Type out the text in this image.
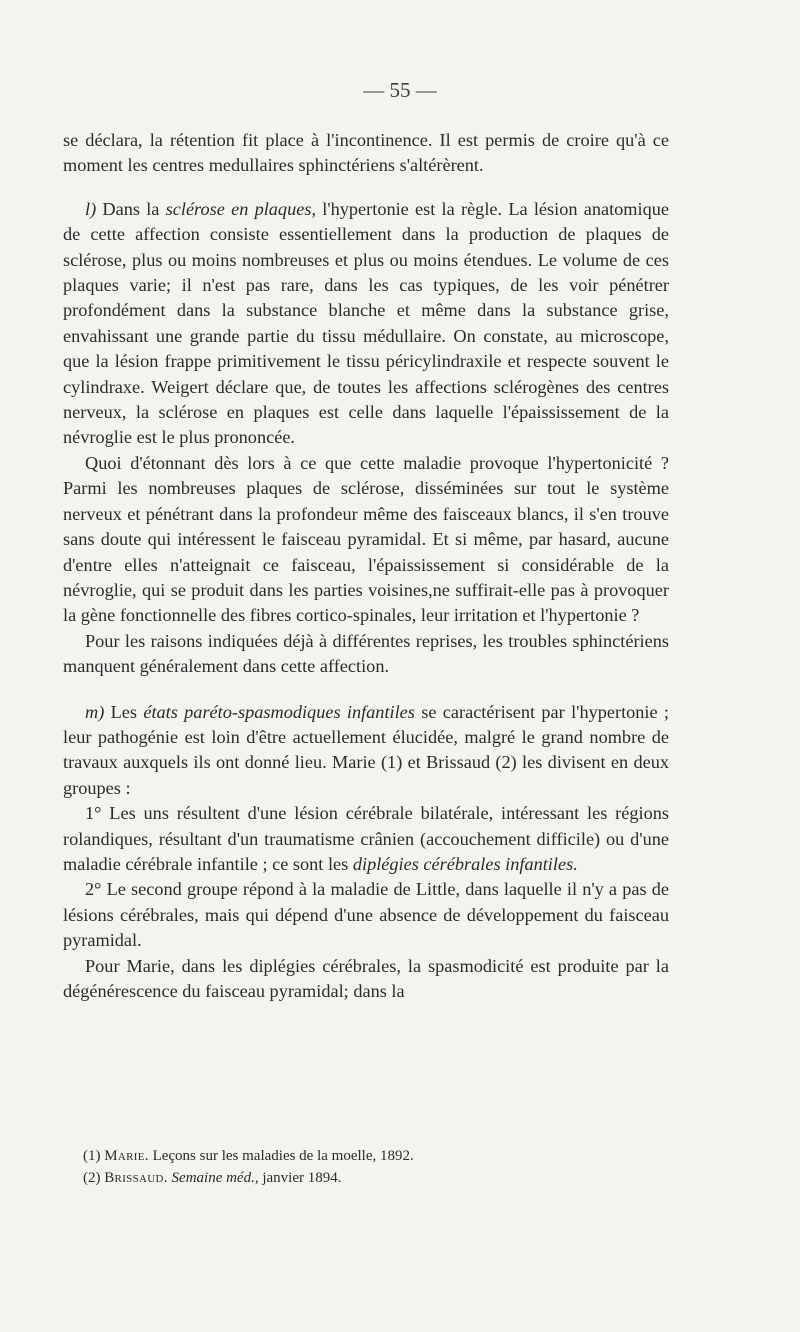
— 55 —

se déclara, la rétention fit place à l'incontinence. Il est permis de croire qu'à ce moment les centres medullaires sphinctériens s'altérèrent.

l) Dans la sclérose en plaques, l'hypertonie est la règle. La lésion anatomique de cette affection consiste essentiellement dans la production de plaques de sclérose, plus ou moins nombreuses et plus ou moins étendues. Le volume de ces plaques varie; il n'est pas rare, dans les cas typiques, de les voir pénétrer profondément dans la substance blanche et même dans la substance grise, envahissant une grande partie du tissu médullaire. On constate, au microscope, que la lésion frappe primitivement le tissu péricylindraxile et respecte souvent le cylindraxe. Weigert déclare que, de toutes les affections sclérogènes des centres nerveux, la sclérose en plaques est celle dans laquelle l'épaississement de la névroglie est le plus prononcée.

Quoi d'étonnant dès lors à ce que cette maladie provoque l'hypertonicité ? Parmi les nombreuses plaques de sclérose, disséminées sur tout le système nerveux et pénétrant dans la profondeur même des faisceaux blancs, il s'en trouve sans doute qui intéressent le faisceau pyramidal. Et si même, par hasard, aucune d'entre elles n'atteignait ce faisceau, l'épaississement si considérable de la névroglie, qui se produit dans les parties voisines,ne suffirait-elle pas à provoquer la gène fonctionnelle des fibres cortico-spinales, leur irritation et l'hypertonie ?

Pour les raisons indiquées déjà à différentes reprises, les troubles sphinctériens manquent généralement dans cette affection.

m) Les états paréto-spasmodiques infantiles se caractérisent par l'hypertonie ; leur pathogénie est loin d'être actuellement élucidée, malgré le grand nombre de travaux auxquels ils ont donné lieu. Marie (1) et Brissaud (2) les divisent en deux groupes :

1° Les uns résultent d'une lésion cérébrale bilatérale, intéressant les régions rolandiques, résultant d'un traumatisme crânien (accouchement difficile) ou d'une maladie cérébrale infantile ; ce sont les diplégies cérébrales infantiles.

2° Le second groupe répond à la maladie de Little, dans laquelle il n'y a pas de lésions cérébrales, mais qui dépend d'une absence de développement du faisceau pyramidal.

Pour Marie, dans les diplégies cérébrales, la spasmodicité est produite par la dégénérescence du faisceau pyramidal; dans la

(1) Marie. Leçons sur les maladies de la moelle, 1892.
(2) Brissaud. Semaine méd., janvier 1894.
